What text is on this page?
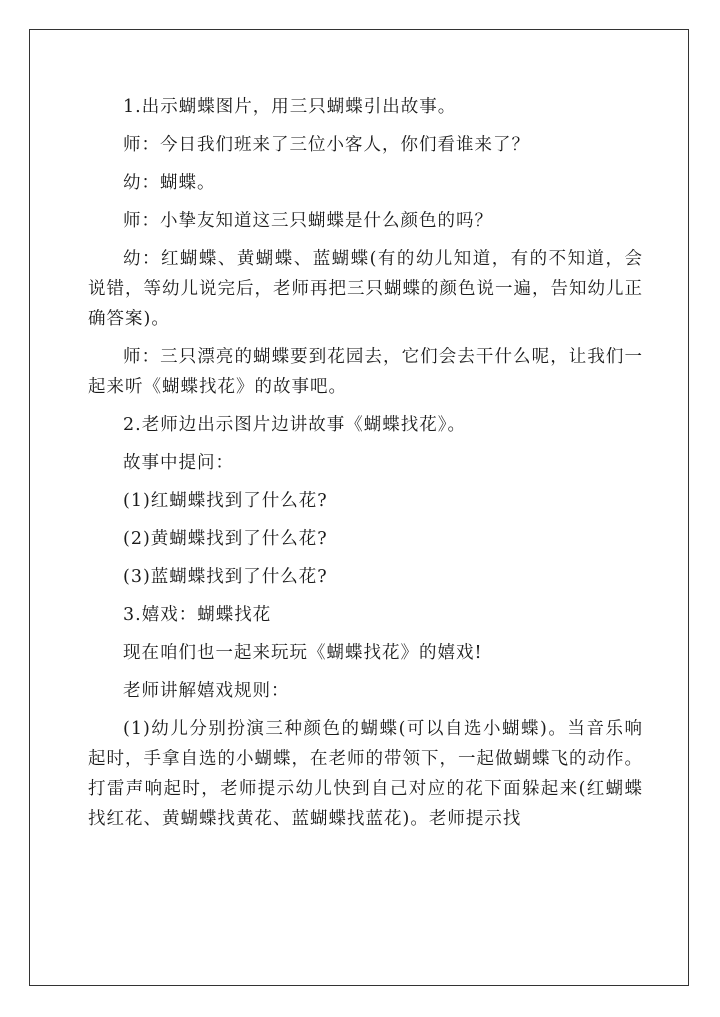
1.出示蝴蝶图片，用三只蝴蝶引出故事。

师：今日我们班来了三位小客人，你们看谁来了？

幼：蝴蝶。

师：小挚友知道这三只蝴蝶是什么颜色的吗？

幼：红蝴蝶、黄蝴蝶、蓝蝴蝶(有的幼儿知道，有的不知道，会说错，等幼儿说完后，老师再把三只蝴蝶的颜色说一遍，告知幼儿正确答案)。

师：三只漂亮的蝴蝶要到花园去，它们会去干什么呢，让我们一起来听《蝴蝶找花》的故事吧。

2.老师边出示图片边讲故事《蝴蝶找花》。

故事中提问：

(1)红蝴蝶找到了什么花?

(2)黄蝴蝶找到了什么花?

(3)蓝蝴蝶找到了什么花?

3.嬉戏：蝴蝶找花

现在咱们也一起来玩玩《蝴蝶找花》的嬉戏!

老师讲解嬉戏规则：

(1)幼儿分别扮演三种颜色的蝴蝶(可以自选小蝴蝶)。当音乐响起时，手拿自选的小蝴蝶，在老师的带领下，一起做蝴蝶飞的动作。打雷声响起时，老师提示幼儿快到自己对应的花下面躲起来(红蝴蝶找红花、黄蝴蝶找黄花、蓝蝴蝶找蓝花)。老师提示找
